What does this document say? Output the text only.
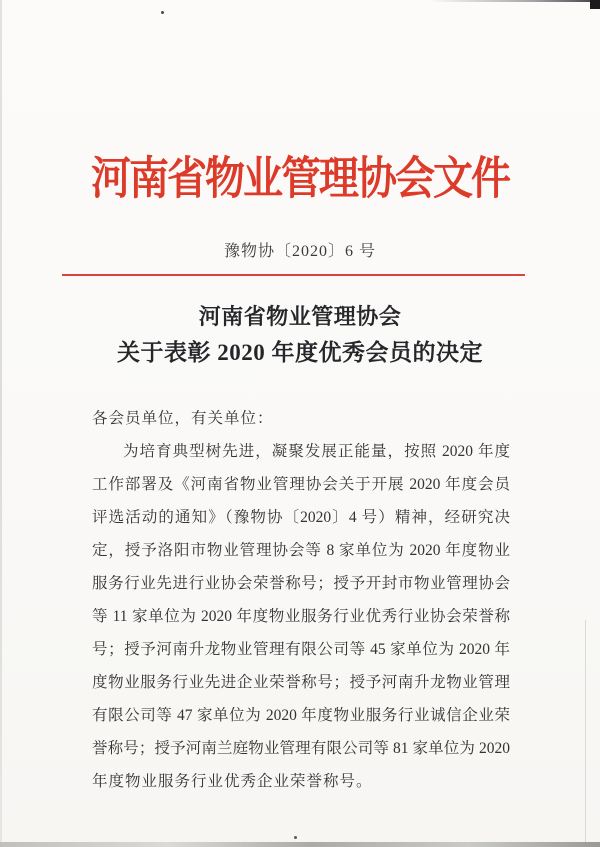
河南省物业管理协会文件
豫物协〔2020〕6 号
河南省物业管理协会
关于表彰 2020 年度优秀会员的决定
各会员单位，有关单位：
为培育典型树先进，凝聚发展正能量，按照 2020 年度
工作部署及《河南省物业管理协会关于开展 2020 年度会员
评选活动的通知》（豫物协〔2020〕4 号）精神，经研究决
定，授予洛阳市物业管理协会等 8 家单位为 2020 年度物业
服务行业先进行业协会荣誉称号；授予开封市物业管理协会
等 11 家单位为 2020 年度物业服务行业优秀行业协会荣誉称
号；授予河南升龙物业管理有限公司等 45 家单位为 2020 年
度物业服务行业先进企业荣誉称号；授予河南升龙物业管理
有限公司等 47 家单位为 2020 年度物业服务行业诚信企业荣
誉称号；授予河南兰庭物业管理有限公司等 81 家单位为 2020
年度物业服务行业优秀企业荣誉称号。
